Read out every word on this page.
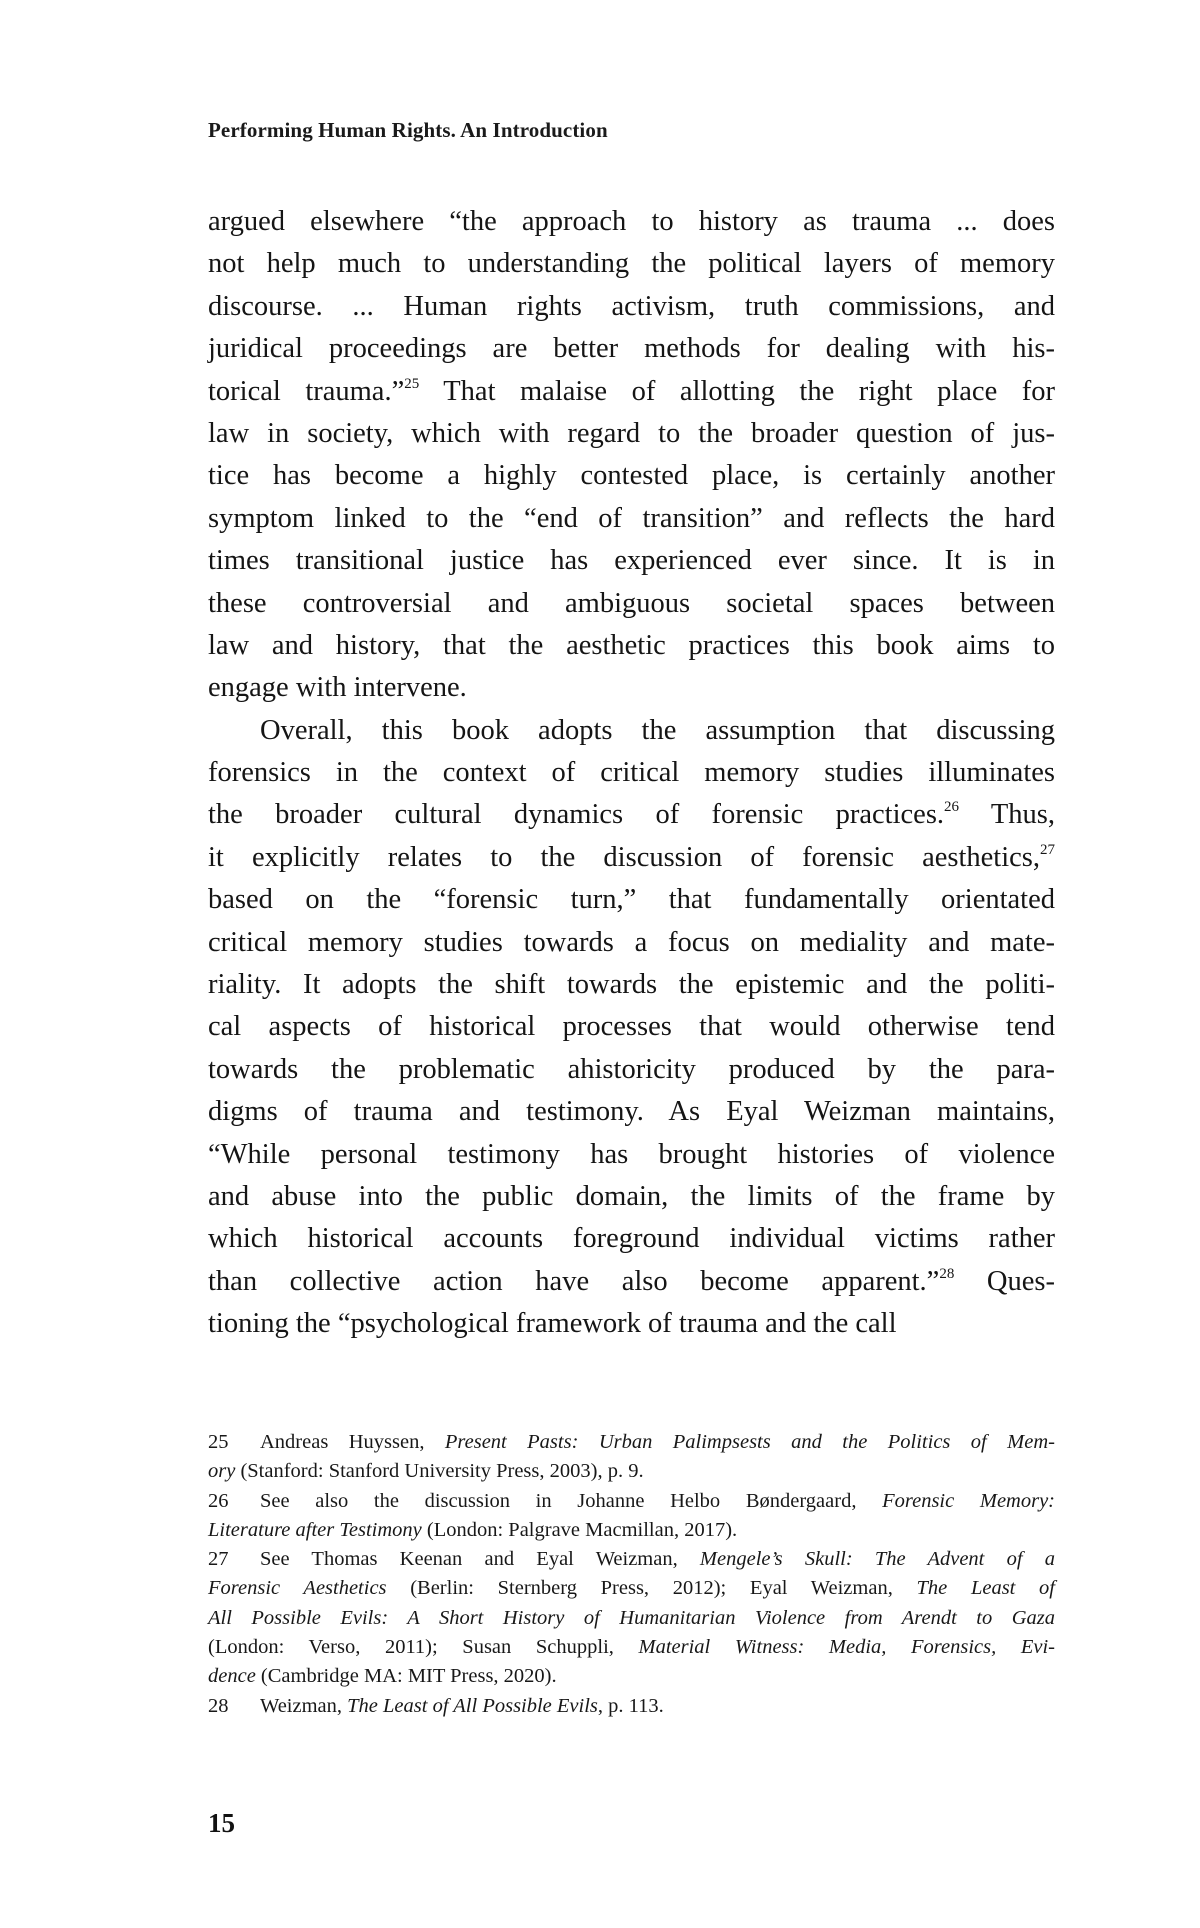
Performing Human Rights. An Introduction
argued elsewhere “the approach to history as trauma ... does
not help much to understanding the political layers of memory
discourse. ... Human rights activism, truth commissions, and
juridical proceedings are better methods for dealing with his-
torical trauma.”$^{25}$ That malaise of allotting the right place for
law in society, which with regard to the broader question of jus-
tice has become a highly contested place, is certainly another
symptom linked to the “end of transition” and reflects the hard
times transitional justice has experienced ever since. It is in
these controversial and ambiguous societal spaces between
law and history, that the aesthetic practices this book aims to
engage with intervene.
Overall, this book adopts the assumption that discussing
forensics in the context of critical memory studies illuminates
the broader cultural dynamics of forensic practices.$^{26}$ Thus,
it explicitly relates to the discussion of forensic aesthetics,$^{27}$
based on the “forensic turn,” that fundamentally orientated
critical memory studies towards a focus on mediality and mate-
riality. It adopts the shift towards the epistemic and the politi-
cal aspects of historical processes that would otherwise tend
towards the problematic ahistoricity produced by the para-
digms of trauma and testimony. As Eyal Weizman maintains,
“While personal testimony has brought histories of violence
and abuse into the public domain, the limits of the frame by
which historical accounts foreground individual victims rather
than collective action have also become apparent.”$^{28}$ Ques-
tioning the “psychological framework of trauma and the call
25 Andreas Huyssen, Present Pasts: Urban Palimpsests and the Politics of Mem-
ory (Stanford: Stanford University Press, 2003), p. 9.
26 See also the discussion in Johanne Helbo Bøndergaard, Forensic Memory:
Literature after Testimony (London: Palgrave Macmillan, 2017).
27 See Thomas Keenan and Eyal Weizman, Mengele’s Skull: The Advent of a
Forensic Aesthetics (Berlin: Sternberg Press, 2012); Eyal Weizman, The Least of
All Possible Evils: A Short History of Humanitarian Violence from Arendt to Gaza
(London: Verso, 2011); Susan Schuppli, Material Witness: Media, Forensics, Evi-
dence (Cambridge MA: MIT Press, 2020).
28 Weizman, The Least of All Possible Evils, p. 113.
15
